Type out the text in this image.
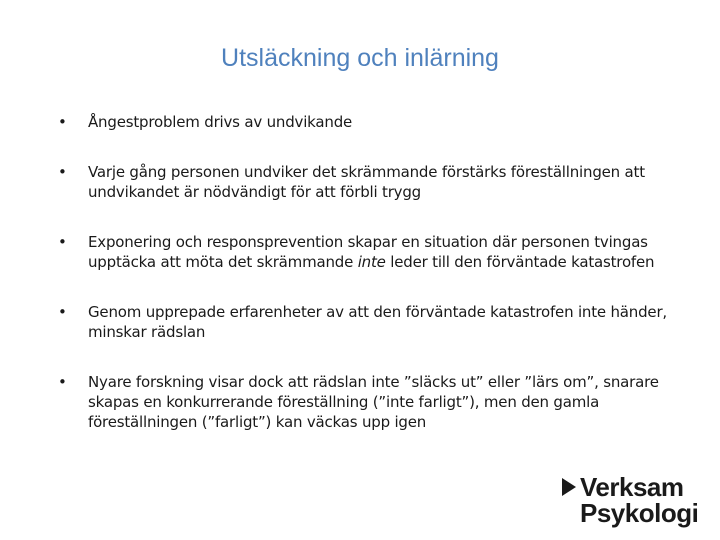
Utsläckning och inlärning
• Ångestproblem drivs av undvikande
• Varje gång personen undviker det skrämmande förstärks föreställningen att undvikandet är nödvändigt för att förbli trygg
• Exponering och responsprevention skapar en situation där personen tvingas upptäcka att möta det skrämmande inte leder till den förväntade katastrofen
• Genom upprepade erfarenheter av att den förväntade katastrofen inte händer, minskar rädslan
• Nyare forskning visar dock att rädslan inte ”släcks ut” eller ”lärs om”, snarare skapas en konkurrerande föreställning (”inte farligt”), men den gamla föreställningen (”farligt”) kan väckas upp igen
Verksam
Psykologi
